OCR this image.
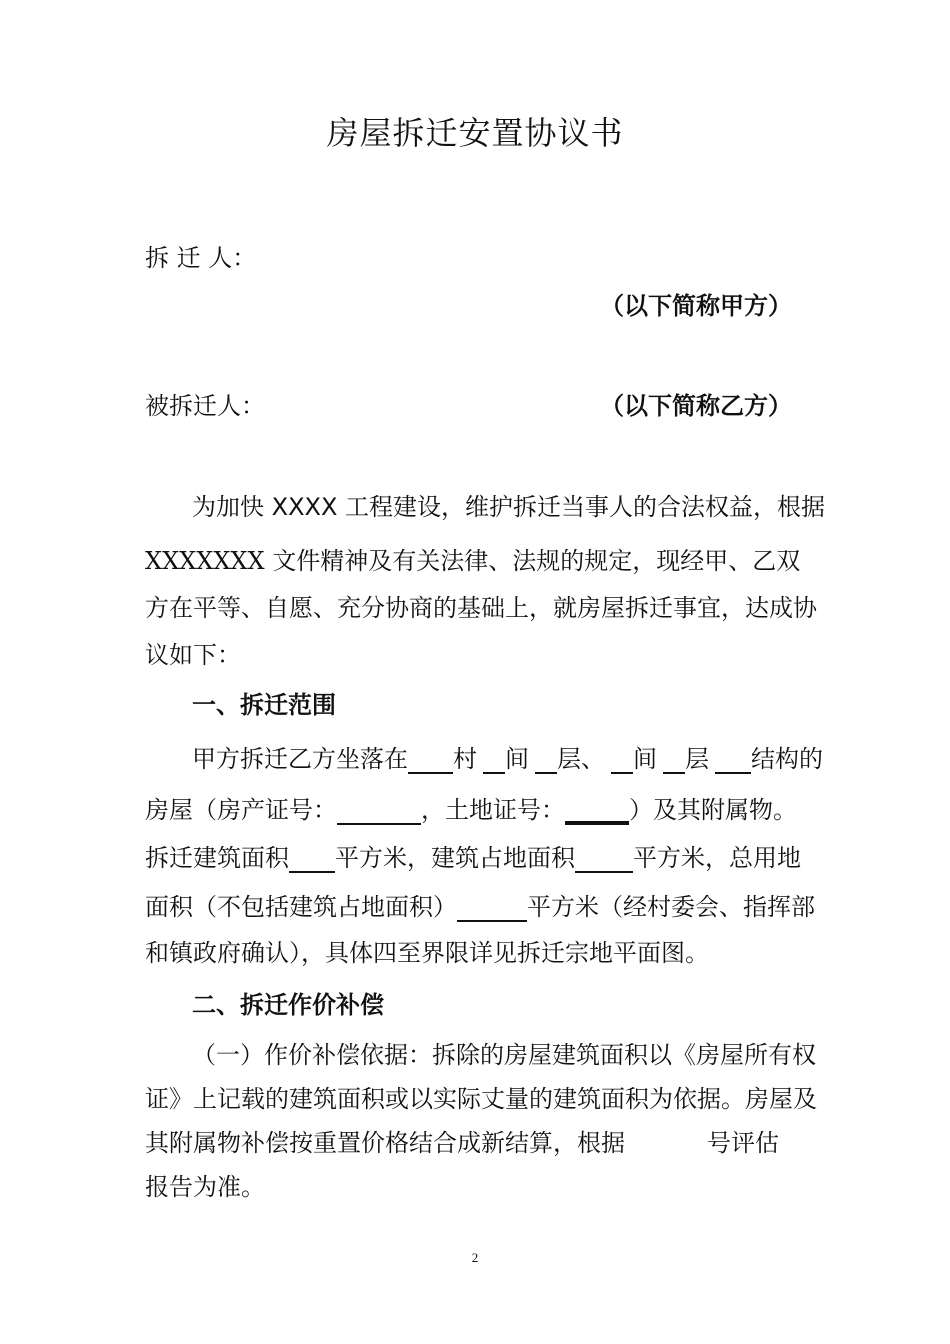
房屋拆迁安置协议书
拆 迁 人：
（以下简称甲方）
被拆迁人：	（以下简称乙方）
为加快 XXXX 工程建设，维护拆迁当事人的合法权益，根据
XXXXXXX 文件精神及有关法律、法规的规定，现经甲、乙双
方在平等、自愿、充分协商的基础上，就房屋拆迁事宜，达成协
议如下：
一、拆迁范围
甲方拆迁乙方坐落在 村 间 层、 间 层 结构的
房屋（房产证号：	，土地证号：	）及其附属物。
拆迁建筑面积 平方米，建筑占地面积 平方米，总用地
面积（不包括建筑占地面积）	平方米（经村委会、指挥部
和镇政府确认），具体四至界限详见拆迁宗地平面图。
二、拆迁作价补偿
（一）作价补偿依据：拆除的房屋建筑面积以《房屋所有权
证》上记载的建筑面积或以实际丈量的建筑面积为依据。房屋及
其附属物补偿按重置价格结合成新结算，根据	号评估
报告为准。
2
